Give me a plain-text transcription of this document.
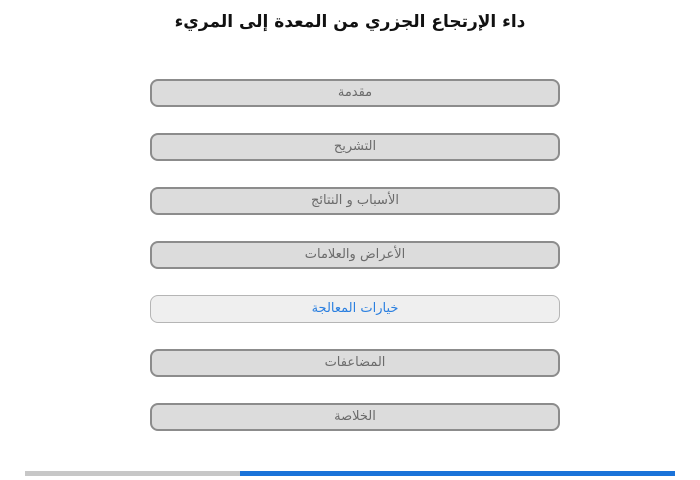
داء الإرتجاع الجزري من المعدة إلى المريء
مقدمة
التشريح
الأسباب و النتائج
الأعراض والعلامات
خيارات المعالجة
المضاعفات
الخلاصة
